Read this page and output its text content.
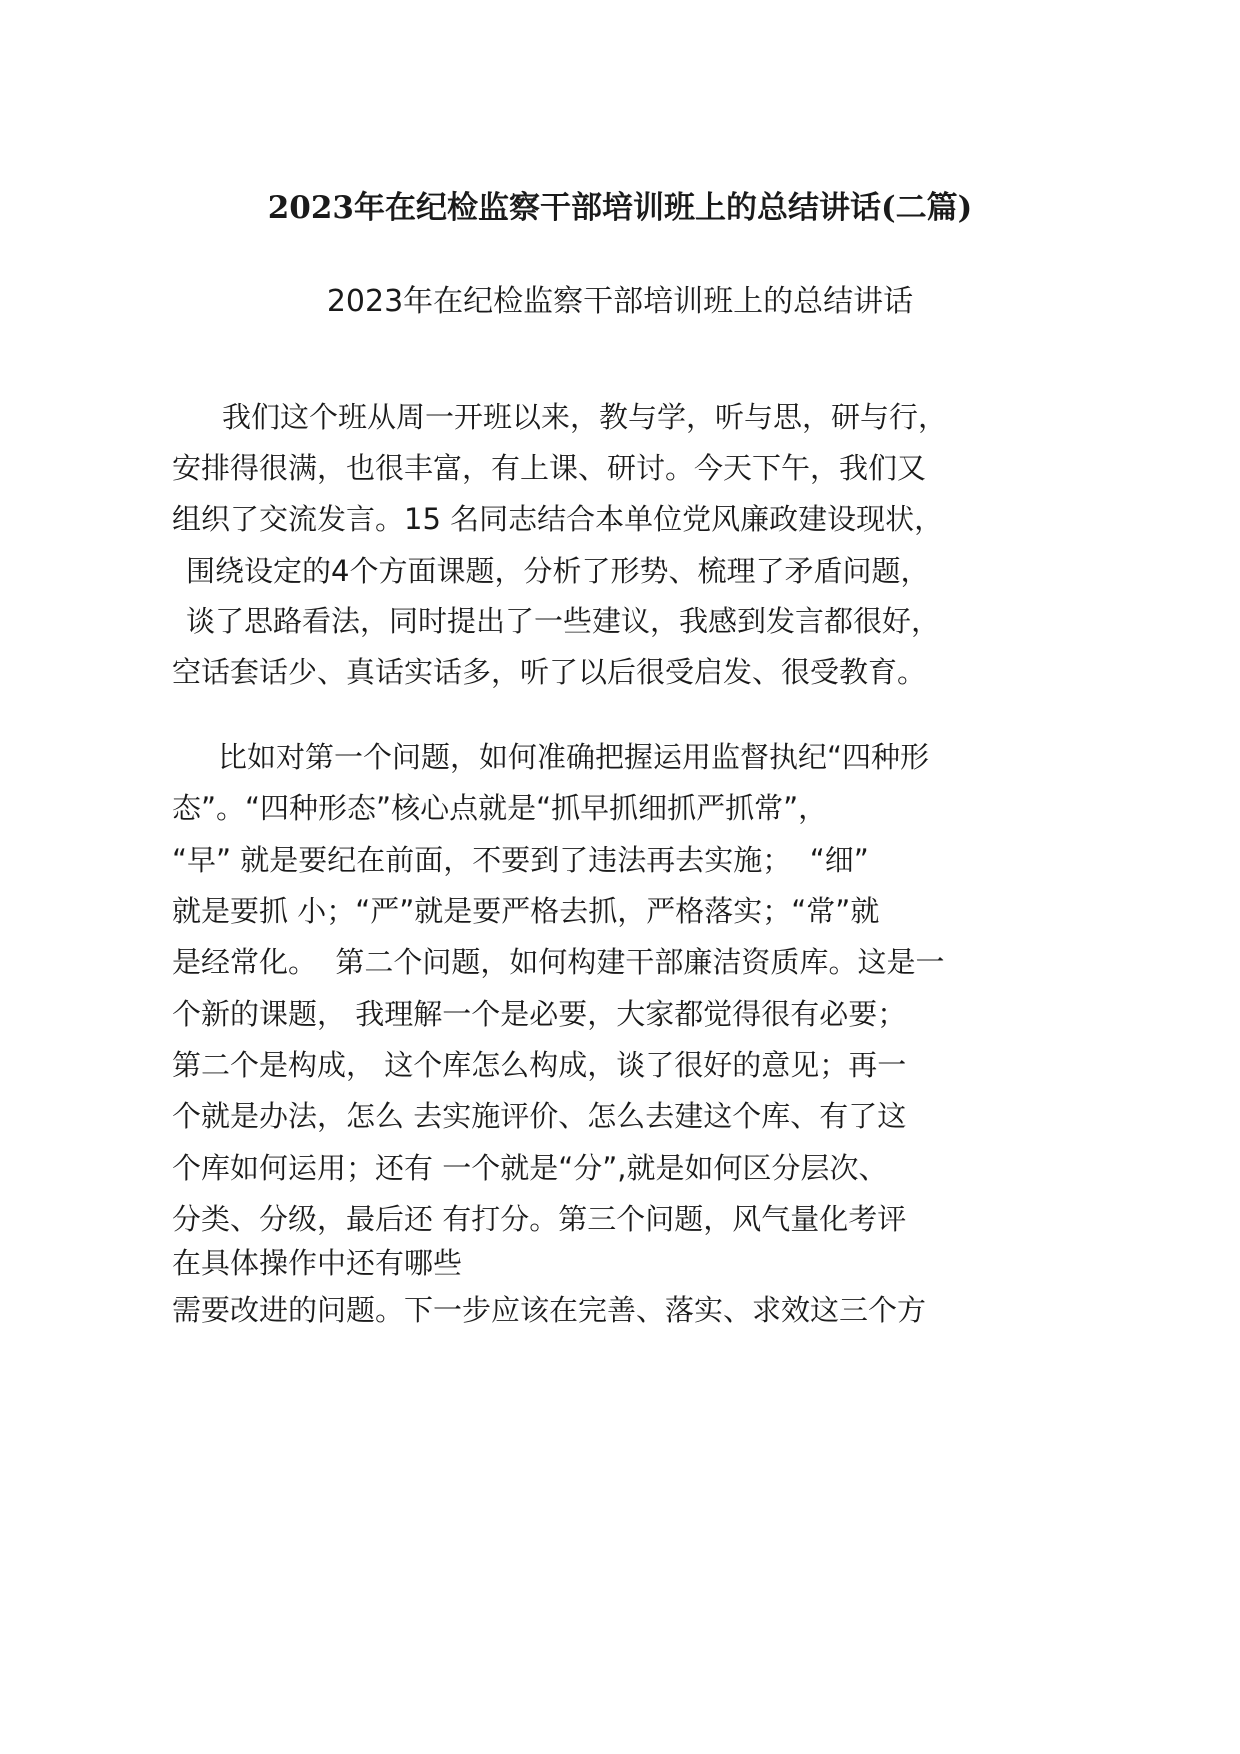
2023年在纪检监察干部培训班上的总结讲话(二篇)
2023年在纪检监察干部培训班上的总结讲话
我们这个班从周一开班以来，教与学，听与思，研与行，
安排得很满，也很丰富，有上课、研讨。今天下午，我们又
组织了交流发言。15 名同志结合本单位党风廉政建设现状，
围绕设定的4个方面课题，分析了形势、梳理了矛盾问题，
谈了思路看法，同时提出了一些建议，我感到发言都很好，
空话套话少、真话实话多，听了以后很受启发、很受教育。
比如对第一个问题，如何准确把握运用监督执纪“四种形
态”。“四种形态”核心点就是“抓早抓细抓严抓常”，
“早” 就是要纪在前面，不要到了违法再去实施；  “细”
就是要抓 小；“严”就是要严格去抓，严格落实；“常”就
是经常化。  第二个问题，如何构建干部廉洁资质库。这是一
个新的课题， 我理解一个是必要，大家都觉得很有必要；
第二个是构成， 这个库怎么构成，谈了很好的意见；再一
个就是办法，怎么 去实施评价、怎么去建这个库、有了这
个库如何运用；还有 一个就是“分”,就是如何区分层次、
分类、分级，最后还 有打分。第三个问题，风气量化考评
在具体操作中还有哪些
需要改进的问题。下一步应该在完善、落实、求效这三个方
